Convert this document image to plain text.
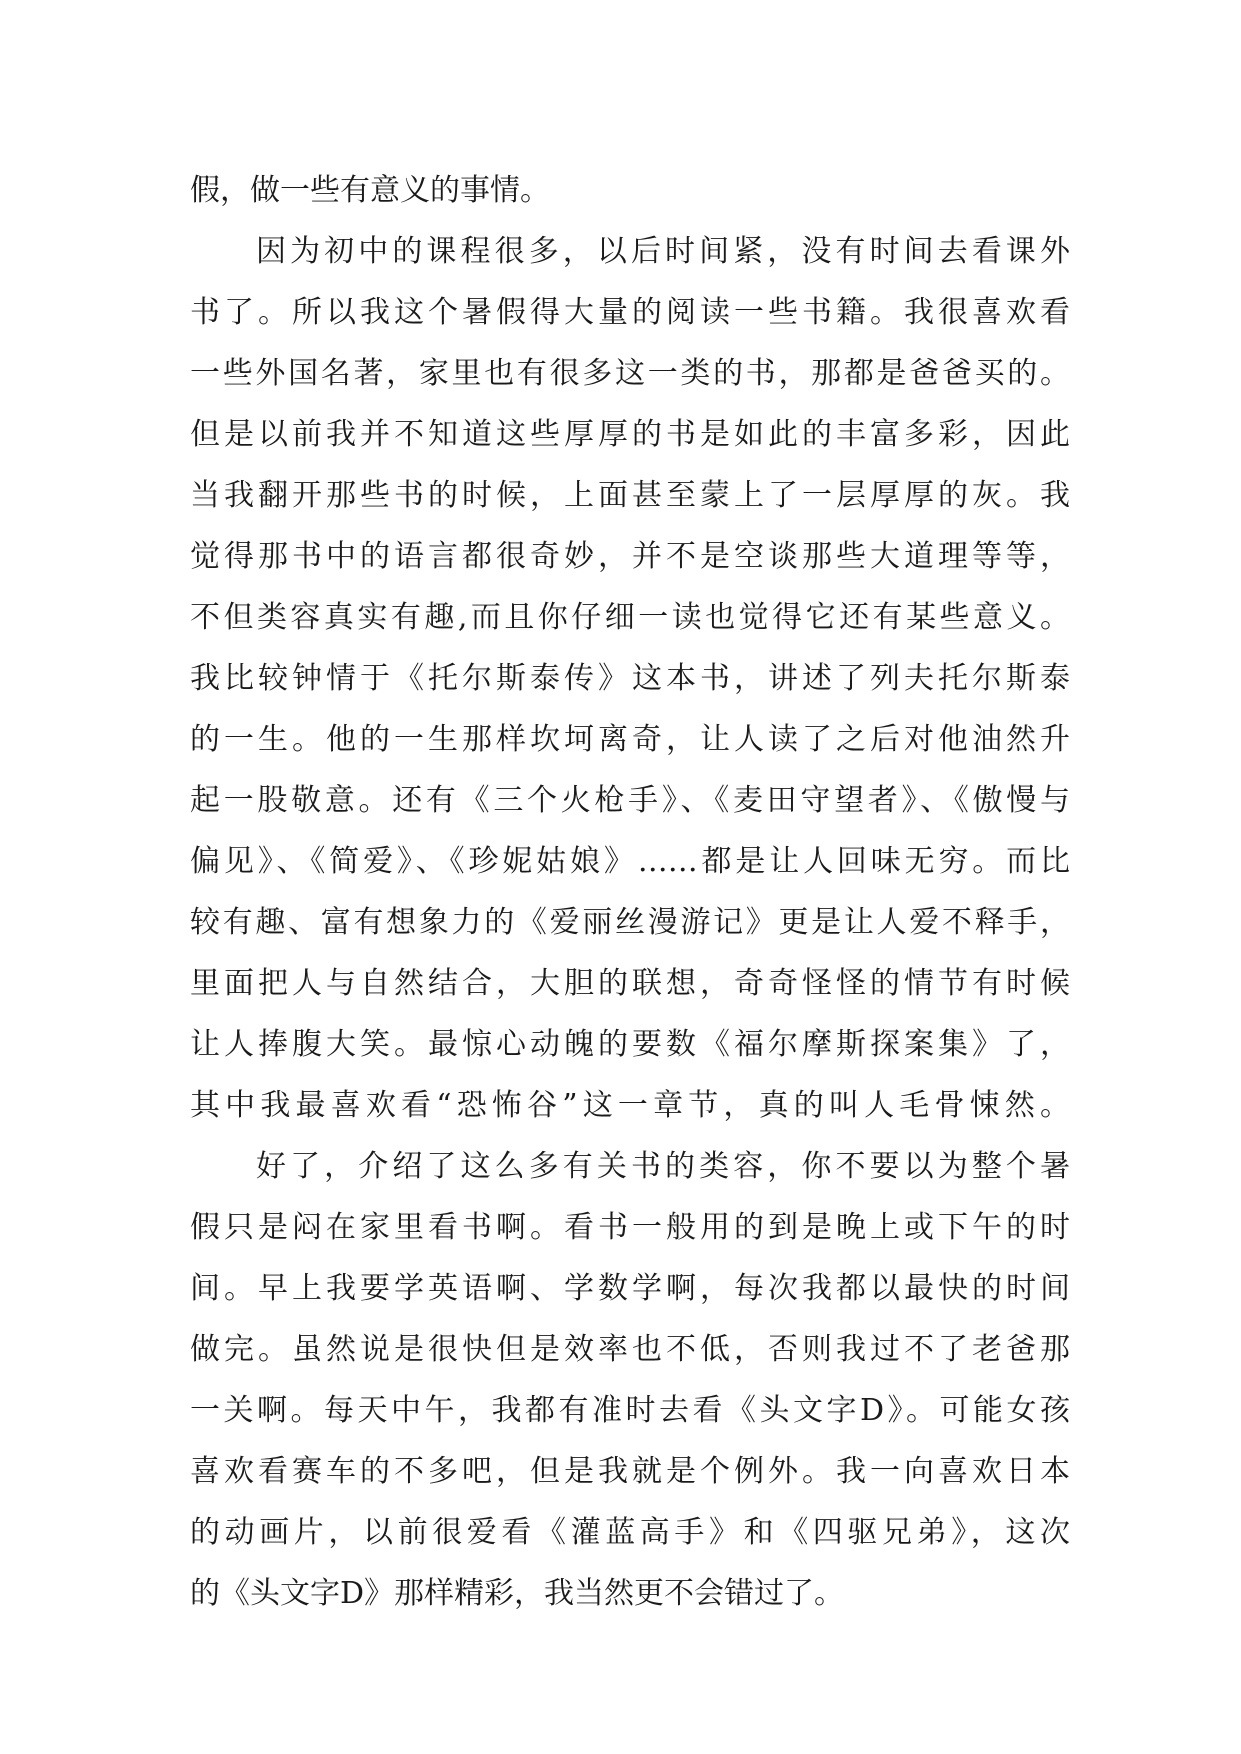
假，做一些有意义的事情。
因为初中的课程很多，以后时间紧，没有时间去看课外
书了。所以我这个暑假得大量的阅读一些书籍。我很喜欢看
一些外国名著，家里也有很多这一类的书，那都是爸爸买的。
但是以前我并不知道这些厚厚的书是如此的丰富多彩，因此
当我翻开那些书的时候，上面甚至蒙上了一层厚厚的灰。我
觉得那书中的语言都很奇妙，并不是空谈那些大道理等等，
不但类容真实有趣,而且你仔细一读也觉得它还有某些意义。
我比较钟情于《托尔斯泰传》这本书，讲述了列夫托尔斯泰
的一生。他的一生那样坎坷离奇，让人读了之后对他油然升
起一股敬意。还有《三个火枪手》、《麦田守望者》、《傲慢与
偏见》、《简爱》、《珍妮姑娘》……都是让人回味无穷。而比
较有趣、富有想象力的《爱丽丝漫游记》更是让人爱不释手，
里面把人与自然结合，大胆的联想，奇奇怪怪的情节有时候
让人捧腹大笑。最惊心动魄的要数《福尔摩斯探案集》了，
其中我最喜欢看“恐怖谷”这一章节，真的叫人毛骨悚然。
好了，介绍了这么多有关书的类容，你不要以为整个暑
假只是闷在家里看书啊。看书一般用的到是晚上或下午的时
间。早上我要学英语啊、学数学啊，每次我都以最快的时间
做完。虽然说是很快但是效率也不低，否则我过不了老爸那
一关啊。每天中午，我都有准时去看《头文字D》。可能女孩
喜欢看赛车的不多吧，但是我就是个例外。我一向喜欢日本
的动画片，以前很爱看《灌蓝高手》和《四驱兄弟》，这次
的《头文字D》那样精彩，我当然更不会错过了。
